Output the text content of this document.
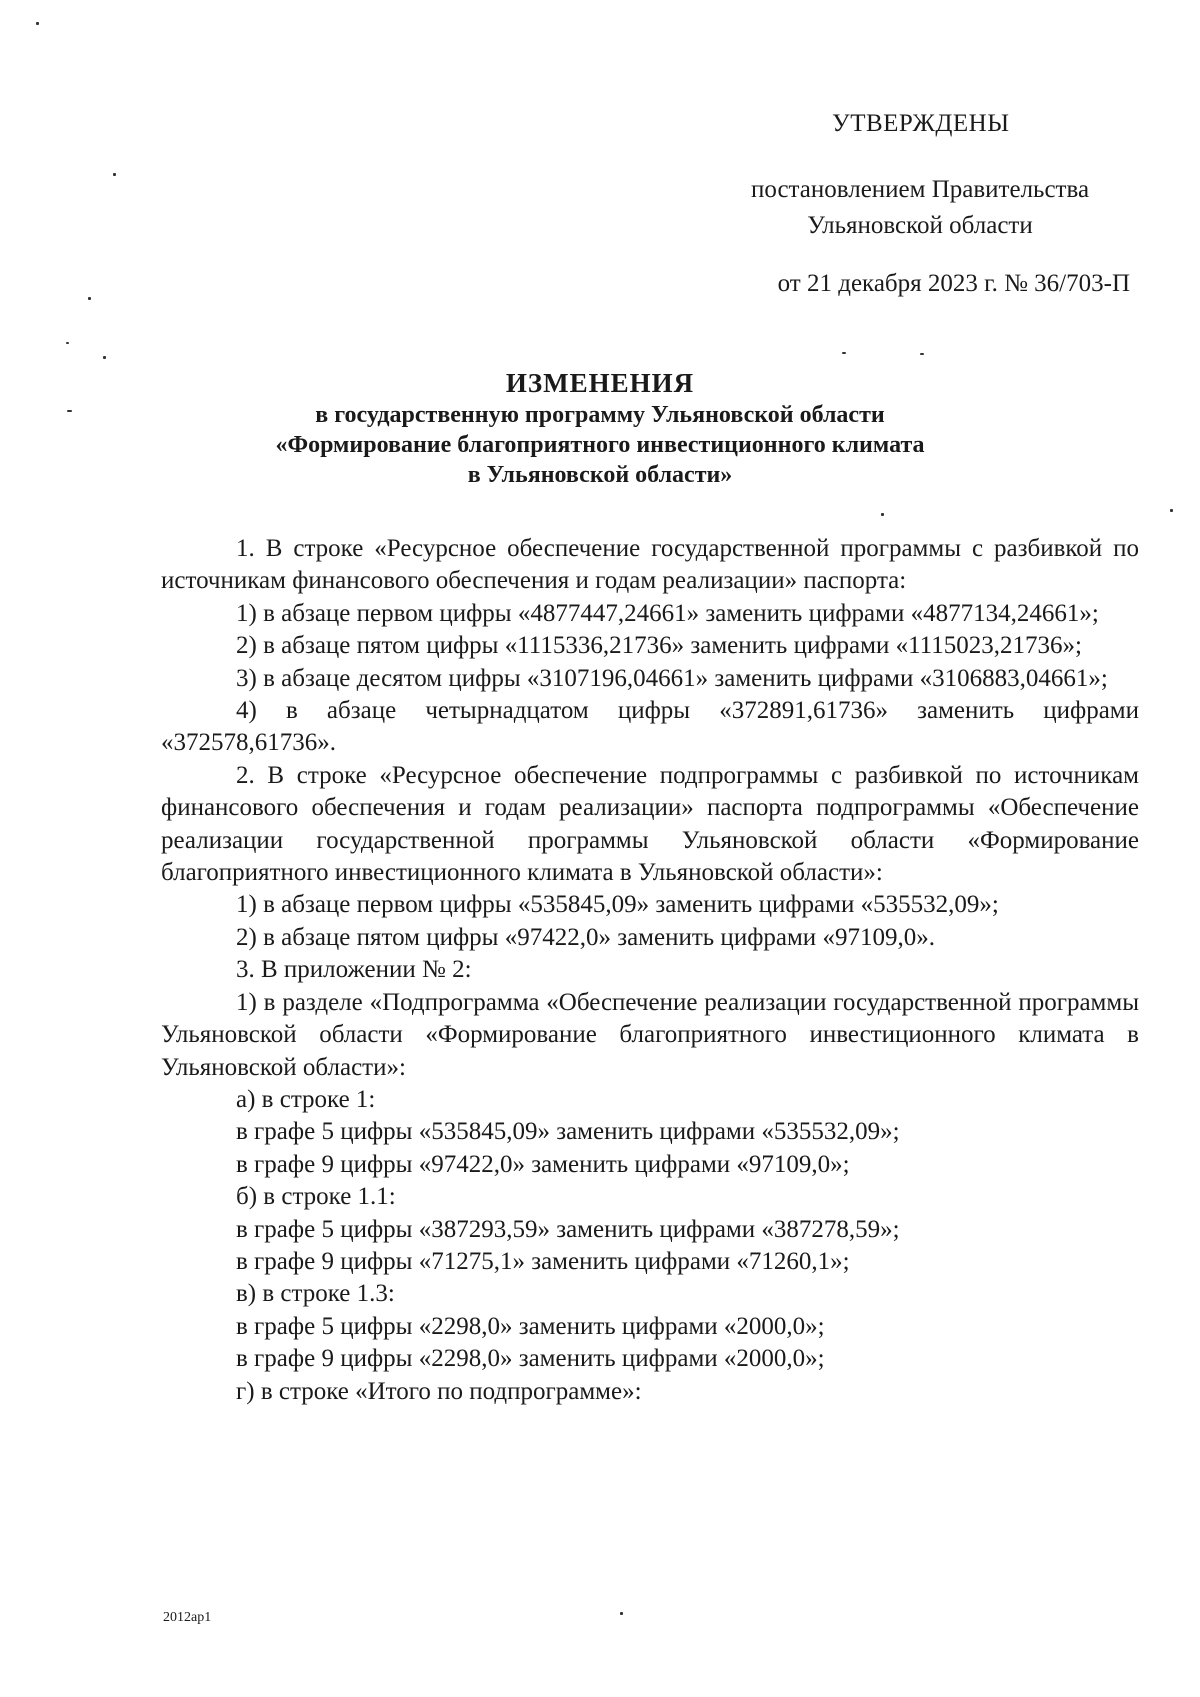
УТВЕРЖДЕНЫ
постановлением Правительства
Ульяновской области
от 21 декабря 2023 г. № 36/703-П
ИЗМЕНЕНИЯ
в государственную программу Ульяновской области
«Формирование благоприятного инвестиционного климата
в Ульяновской области»

1. В строке «Ресурсное обеспечение государственной программы с разбивкой по источникам финансового обеспечения и годам реализации» паспорта:

1) в абзаце первом цифры «4877447,24661» заменить цифрами «4877134,24661»;

2) в абзаце пятом цифры «1115336,21736» заменить цифрами «1115023,21736»;

3) в абзаце десятом цифры «3107196,04661» заменить цифрами «3106883,04661»;

4) в абзаце четырнадцатом цифры «372891,61736» заменить цифрами «372578,61736».

2. В строке «Ресурсное обеспечение подпрограммы с разбивкой по источникам финансового обеспечения и годам реализации» паспорта подпрограммы «Обеспечение реализации государственной программы Ульяновской области «Формирование благоприятного инвестиционного климата в Ульяновской области»:

1) в абзаце первом цифры «535845,09» заменить цифрами «535532,09»;

2) в абзаце пятом цифры «97422,0» заменить цифрами «97109,0».

3. В приложении № 2:

1) в разделе «Подпрограмма «Обеспечение реализации государственной программы Ульяновской области «Формирование благоприятного инвестиционного климата в Ульяновской области»:

а) в строке 1:

в графе 5 цифры «535845,09» заменить цифрами «535532,09»;

в графе 9 цифры «97422,0» заменить цифрами «97109,0»;

б) в строке 1.1:

в графе 5 цифры «387293,59» заменить цифрами «387278,59»;

в графе 9 цифры «71275,1» заменить цифрами «71260,1»;

в) в строке 1.3:

в графе 5 цифры «2298,0» заменить цифрами «2000,0»;

в графе 9 цифры «2298,0» заменить цифрами «2000,0»;

г) в строке «Итого по подпрограмме»:

2012ap1
